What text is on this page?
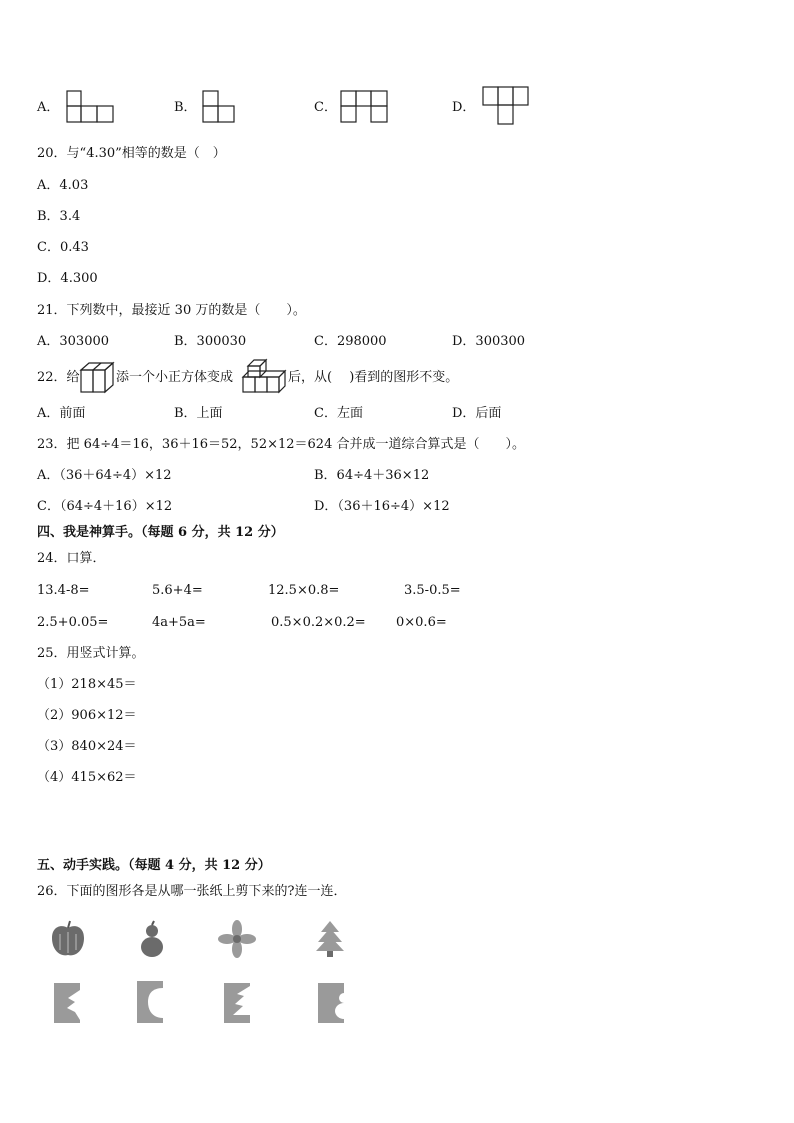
A．	B．	C．	D．
20．与“4.30”相等的数是（　）
A．4.03
B．3.4
C．0.43
D．4.300
21．下列数中，最接近 30 万的数是（　　）。
A．303000	B．300030	C．298000	D．300300
22．给	添一个小正方体变成	后，从(　 )看到的图形不变。
A．前面	B．上面	C．左面	D．后面
23．把 64÷4＝16，36＋16＝52，52×12＝624 合并成一道综合算式是（　　）。
A．（36＋64÷4）×12	B．64÷4＋36×12
C．（64÷4＋16）×12	D．（36＋16÷4）×12
四、我是神算手。（每题 6 分，共 12 分）
24．口算．
13.4-8=	5.6+4=	12.5×0.8=	3.5-0.5=
2.5+0.05=	4a+5a=	0.5×0.2×0.2= 0×0.6=
25．用竖式计算。
（1）218×45＝
（2）906×12＝
（3）840×24＝
（4）415×62＝
五、动手实践。（每题 4 分，共 12 分）
26．下面的图形各是从哪一张纸上剪下来的?连一连．
